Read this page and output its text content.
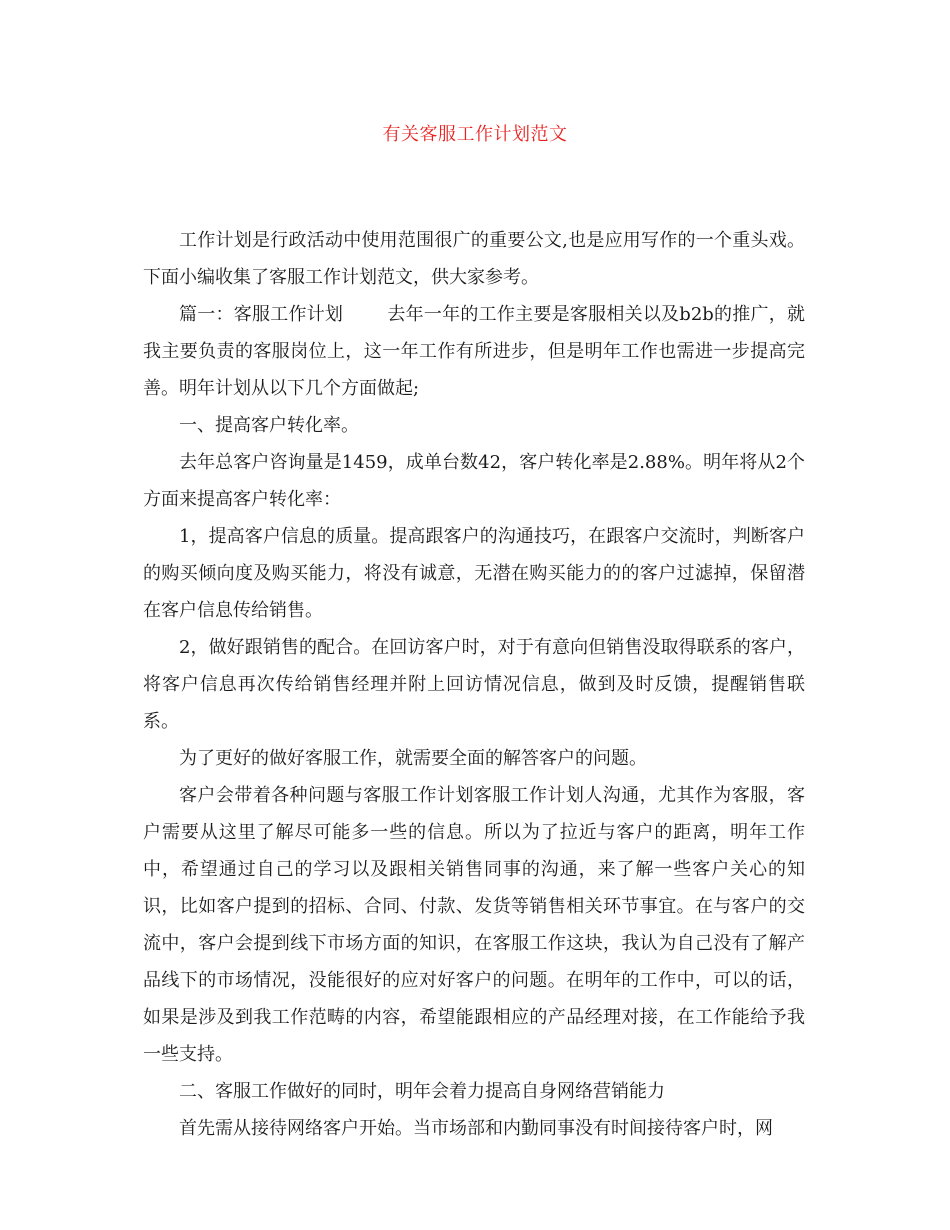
有关客服工作计划范文

工作计划是行政活动中使用范围很广的重要公文,也是应用写作的一个重头戏。下面小编收集了客服工作计划范文，供大家参考。

篇一：客服工作计划 去年一年的工作主要是客服相关以及b2b的推广，就我主要负责的客服岗位上，这一年工作有所进步，但是明年工作也需进一步提高完善。明年计划从以下几个方面做起;

一、提高客户转化率。

去年总客户咨询量是1459，成单台数42，客户转化率是2.88%。明年将从2个方面来提高客户转化率：

1，提高客户信息的质量。提高跟客户的沟通技巧，在跟客户交流时，判断客户的购买倾向度及购买能力，将没有诚意，无潜在购买能力的的客户过滤掉，保留潜在客户信息传给销售。

2，做好跟销售的配合。在回访客户时，对于有意向但销售没取得联系的客户，将客户信息再次传给销售经理并附上回访情况信息，做到及时反馈，提醒销售联系。

为了更好的做好客服工作，就需要全面的解答客户的问题。

客户会带着各种问题与客服工作计划客服工作计划人沟通，尤其作为客服，客户需要从这里了解尽可能多一些的信息。所以为了拉近与客户的距离，明年工作中，希望通过自己的学习以及跟相关销售同事的沟通，来了解一些客户关心的知识，比如客户提到的招标、合同、付款、发货等销售相关环节事宜。在与客户的交流中，客户会提到线下市场方面的知识，在客服工作这块，我认为自己没有了解产品线下的市场情况，没能很好的应对好客户的问题。在明年的工作中，可以的话，如果是涉及到我工作范畴的内容，希望能跟相应的产品经理对接，在工作能给予我一些支持。

二、客服工作做好的同时，明年会着力提高自身网络营销能力

首先需从接待网络客户开始。当市场部和内勤同事没有时间接待客户时，网
